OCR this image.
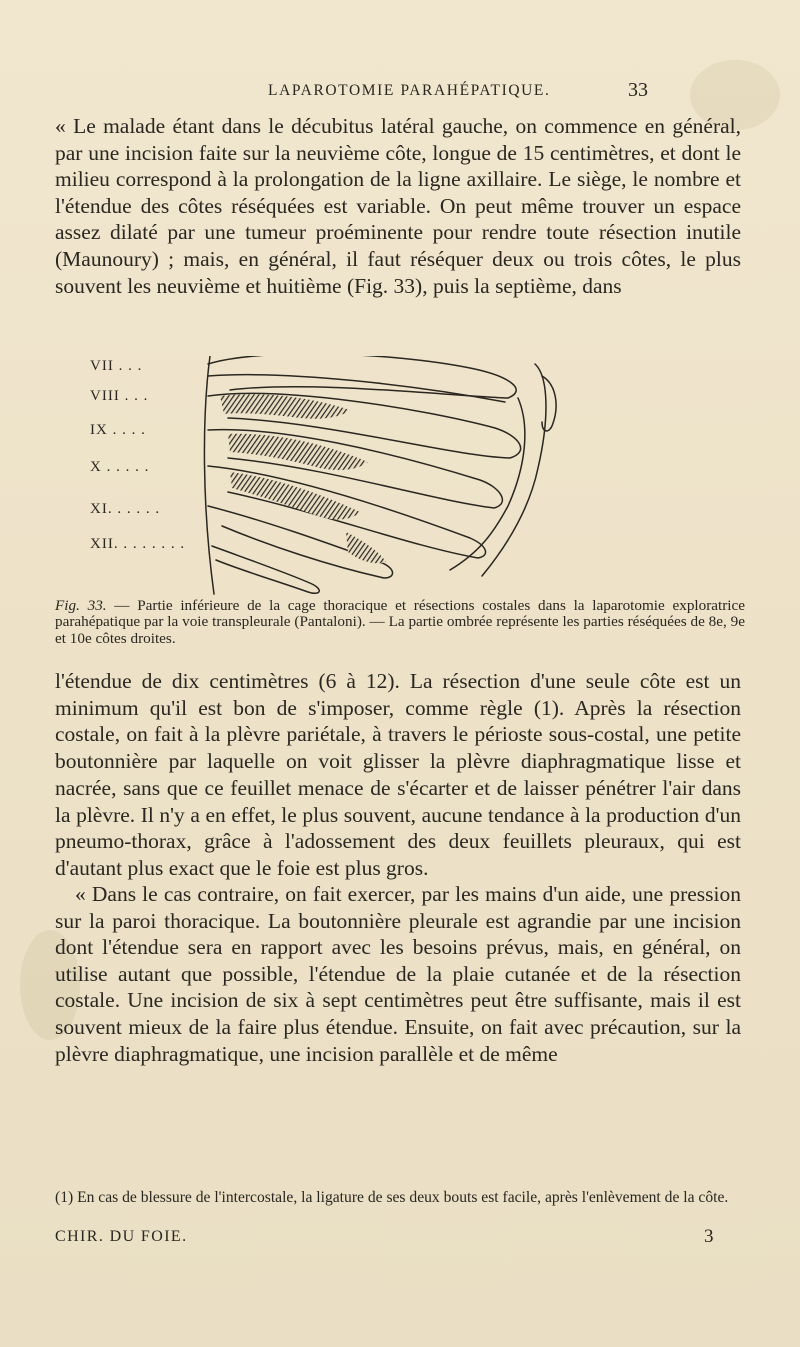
LAPAROTOMIE PARAHÉPATIQUE.	33

« Le malade étant dans le décubitus latéral gauche, on commence en général, par une incision faite sur la neuvième côte, longue de 15 centimètres, et dont le milieu correspond à la prolongation de la ligne axillaire. Le siège, le nombre et l'étendue des côtes réséquées est variable. On peut même trouver un espace assez dilaté par une tumeur proéminente pour rendre toute résection inutile (Maunoury) ; mais, en général, il faut réséquer deux ou trois côtes, le plus souvent les neuvième et huitième (Fig. 33), puis la septième, dans

VII . . .
VIII . . .
IX . . . .
X . . . . .
XI. . . . . .
XII. . . . . . . .

Fig. 33. — Partie inférieure de la cage thoracique et résections costales dans la laparotomie exploratrice parahépatique par la voie transpleurale (Pantaloni). — La partie ombrée représente les parties réséquées de 8e, 9e et 10e côtes droites.

l'étendue de dix centimètres (6 à 12). La résection d'une seule côte est un minimum qu'il est bon de s'imposer, comme règle (1). Après la résection costale, on fait à la plèvre pariétale, à travers le périoste sous-costal, une petite boutonnière par laquelle on voit glisser la plèvre diaphragmatique lisse et nacrée, sans que ce feuillet menace de s'écarter et de laisser pénétrer l'air dans la plèvre. Il n'y a en effet, le plus souvent, aucune tendance à la production d'un pneumo-thorax, grâce à l'adossement des deux feuillets pleuraux, qui est d'autant plus exact que le foie est plus gros.

« Dans le cas contraire, on fait exercer, par les mains d'un aide, une pression sur la paroi thoracique. La boutonnière pleurale est agrandie par une incision dont l'étendue sera en rapport avec les besoins prévus, mais, en général, on utilise autant que possible, l'étendue de la plaie cutanée et de la résection costale. Une incision de six à sept centimètres peut être suffisante, mais il est souvent mieux de la faire plus étendue. Ensuite, on fait avec précaution, sur la plèvre diaphragmatique, une incision parallèle et de même

(1) En cas de blessure de l'intercostale, la ligature de ses deux bouts est facile, après l'enlèvement de la côte.

CHIR. DU FOIE.	3
